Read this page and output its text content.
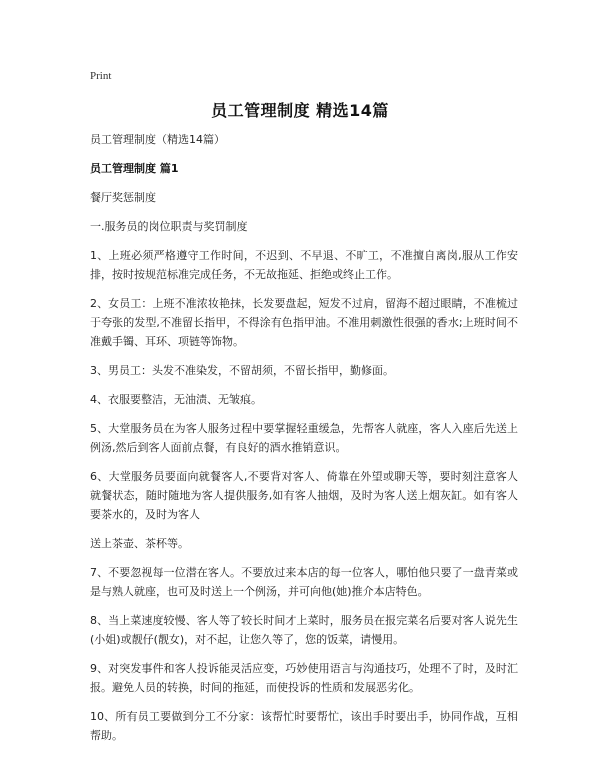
Print
员工管理制度 精选14篇

员工管理制度（精选14篇）

员工管理制度 篇1

餐厅奖惩制度

一.服务员的岗位职责与奖罚制度

1、上班必须严格遵守工作时间，不迟到、不早退、不旷工，不准擅自离岗,服从工作安排，按时按规范标准完成任务，不无故拖延、拒绝或终止工作。

2、女员工：上班不准浓妆艳抹，长发要盘起，短发不过肩，留海不超过眼睛，不准梳过于夸张的发型,不准留长指甲，不得涂有色指甲油。不准用刺激性很强的香水;上班时间不准戴手镯、耳环、项链等饰物。

3、男员工：头发不准染发，不留胡须，不留长指甲，勤修面。

4、衣服要整洁，无油渍、无皱痕。

5、大堂服务员在为客人服务过程中要掌握轻重缓急，先帮客人就座，客人入座后先送上例汤,然后到客人面前点餐，有良好的酒水推销意识。

6、大堂服务员要面向就餐客人,不要背对客人、倚靠在外望或聊天等，要时刻注意客人就餐状态，随时随地为客人提供服务,如有客人抽烟，及时为客人送上烟灰缸。如有客人要茶水的，及时为客人

送上茶壶、茶杯等。

7、不要忽视每一位潜在客人。不要放过来本店的每一位客人，哪怕他只要了一盘青菜或是与熟人就座，也可及时送上一个例汤，并可向他(她)推介本店特色。

8、当上菜速度较慢、客人等了较长时间才上菜时，服务员在报完菜名后要对客人说先生(小姐)或靓仔(靓女)，对不起，让您久等了，您的饭菜，请慢用。

9、对突发事件和客人投诉能灵活应变，巧妙使用语言与沟通技巧，处理不了时，及时汇报。避免人员的转换，时间的拖延，而使投诉的性质和发展恶劣化。

10、所有员工要做到分工不分家：该帮忙时要帮忙，该出手时要出手，协同作战，互相帮助。
